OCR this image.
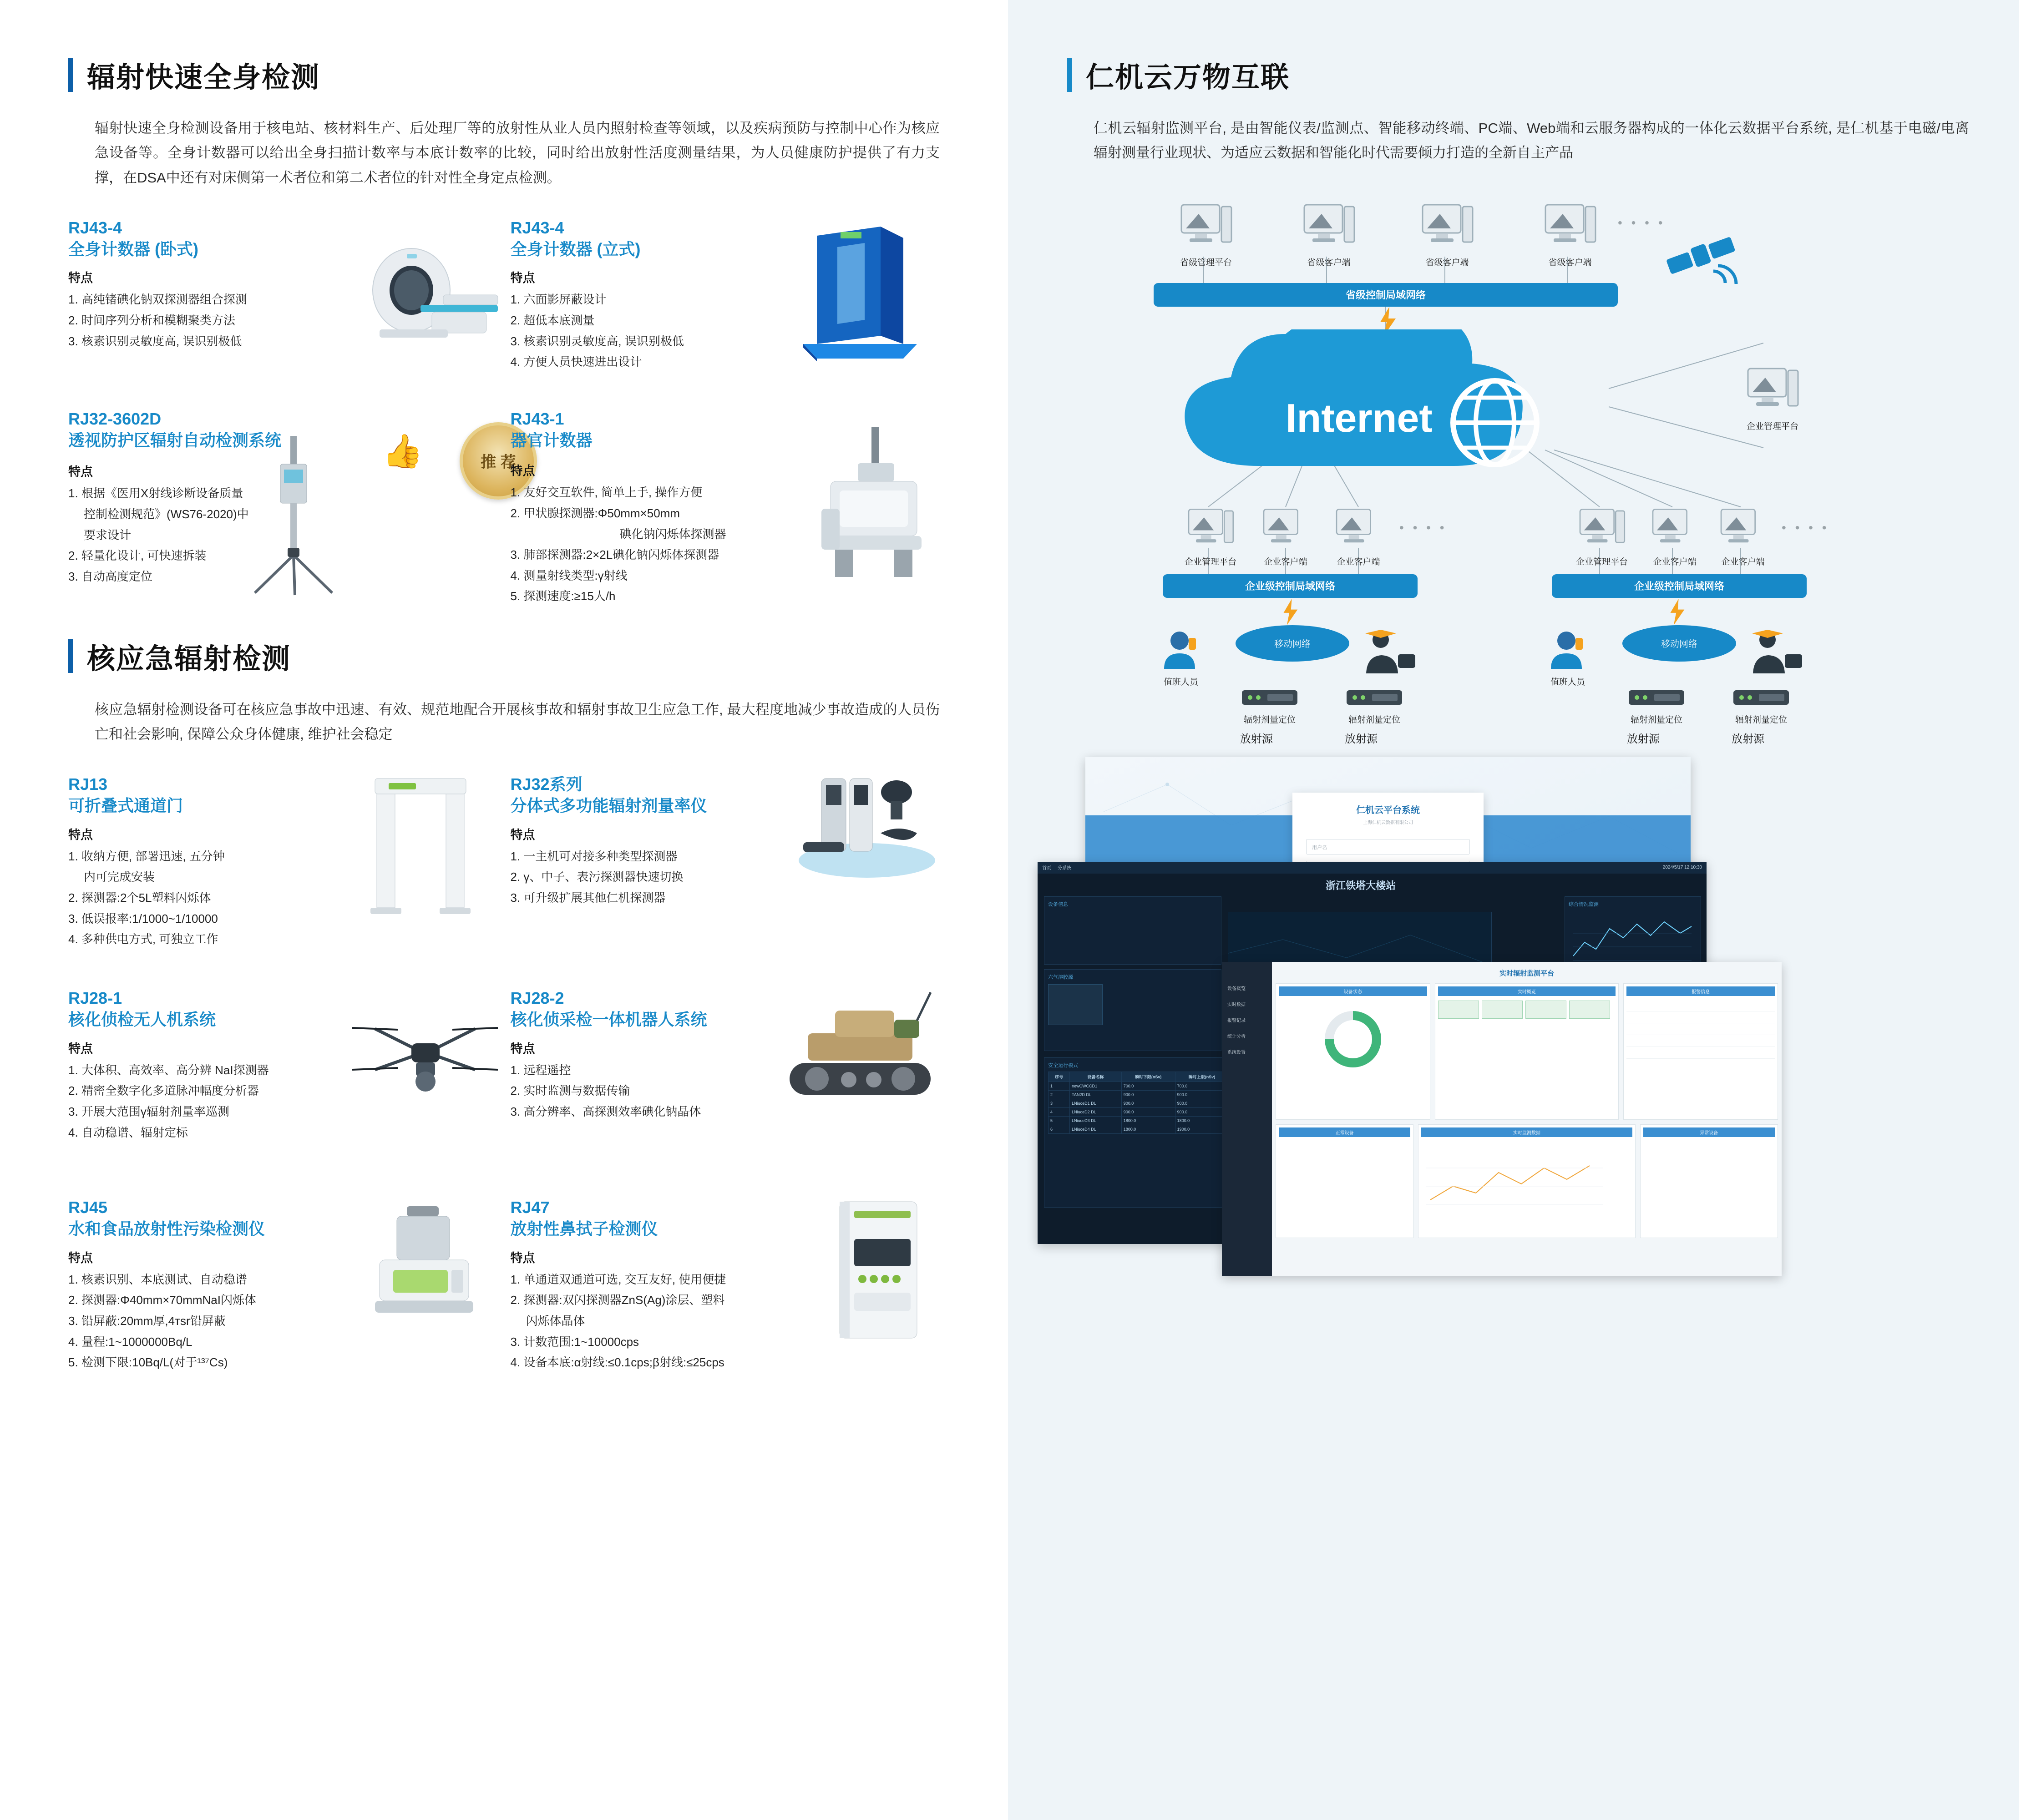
辐射快速全身检测

辐射快速全身检测设备用于核电站、核材料生产、后处理厂等的放射性从业人员内照射检查等领域，以及疾病预防与控制中心作为核应急设备等。全身计数器可以给出全身扫描计数率与本底计数率的比较，同时给出放射性活度测量结果，为人员健康防护提供了有力支撑，在DSA中还有对床侧第一术者位和第二术者位的针对性全身定点检测。

RJ43-4
全身计数器 (卧式)
特点
1. 高纯锗碘化钠双探测器组合探测
2. 时间序列分析和模糊聚类方法
3. 核素识别灵敏度高, 误识别极低
RJ43-4
全身计数器 (立式)
特点
1. 六面影屏蔽设计
2. 超低本底测量
3. 核素识别灵敏度高, 误识别极低
4. 方便人员快速进出设计
RJ32-3602D
透视防护区辐射自动检测系统	👍	推 荐
特点
1. 根据《医用X射线诊断设备质量
控制检测规范》(WS76-2020)中
要求设计
2. 轻量化设计, 可快速拆装
3. 自动高度定位
RJ43-1
器官计数器
特点
1. 友好交互软件, 简单上手, 操作方便
2. 甲状腺探测器:Φ50mm×50mm
碘化钠闪烁体探测器
3. 肺部探测器:2×2L碘化钠闪烁体探测器
4. 测量射线类型:γ射线
5. 探测速度:≥15人/h
核应急辐射检测

核应急辐射检测设备可在核应急事故中迅速、有效、规范地配合开展核事故和辐射事故卫生应急工作, 最大程度地减少事故造成的人员伤亡和社会影响, 保障公众身体健康, 维护社会稳定

RJ13
可折叠式通道门
特点
1. 收纳方便, 部署迅速, 五分钟
内可完成安装
2. 探测器:2个5L塑料闪烁体
3. 低误报率:1/1000~1/10000
4. 多种供电方式, 可独立工作
RJ32系列
分体式多功能辐射剂量率仪
特点
1. 一主机可对接多种类型探测器
2. γ、中子、表污探测器快速切换
3. 可升级扩展其他仁机探测器
RJ28-1
核化侦检无人机系统
特点
1. 大体积、高效率、高分辨 NaI探测器
2. 精密全数字化多道脉冲幅度分析器
3. 开展大范围γ辐射剂量率巡测
4. 自动稳谱、辐射定标
RJ28-2
核化侦采检一体机器人系统
特点
1. 远程遥控
2. 实时监测与数据传输
3. 高分辨率、高探测效率碘化钠晶体
RJ45
水和食品放射性污染检测仪
特点
1. 核素识别、本底测试、自动稳谱
2. 探测器:Φ40mm×70mmNaI闪烁体
3. 铅屏蔽:20mm厚,4тsr铅屏蔽
4. 量程:1~1000000Bq/L
5. 检测下限:10Bq/L(对于¹³⁷Cs)
RJ47
放射性鼻拭子检测仪
特点
1. 单通道双通道可选, 交互友好, 使用便捷
2. 探测器:双闪探测器ZnS(Ag)涂层、塑料
闪烁体晶体
3. 计数范围:1~10000cps
4. 设备本底:α射线:≤0.1cps;β射线:≤25cps
仁机云万物互联

仁机云辐射监测平台, 是由智能仪表/监测点、智能移动终端、PC端、Web端和云服务器构成的一体化云数据平台系统, 是仁机基于电磁/电离辐射测量行业现状、为适应云数据和智能化时代需要倾力打造的全新自主产品

省级管理平台	省级客户端	省级客户端	省级客户端
• • • •
省级控制局域网络
Internet	企业管理平台
企业管理平台	企业客户端	企业客户端
• • • •
企业管理平台	企业客户端	企业客户端
• • • •
企业级控制局域网络	企业级控制局域网络
移动网络	移动网络
值班人员	值班人员
辐射剂量定位	辐射剂量定位	辐射剂量定位	辐射剂量定位
放射源	放射源	放射源	放射源
仁机云平台系统
上海仁机云数据有限公司
用户名
首页 分系统	2024/5/17 12:10:30
浙江铁塔大楼站
设备信息
六气溶胶源
综合情况监测
安全运行模式
序号	设备名称	瞬时下限(nSv)	瞬时上限(nSv)					
1	newCWCCD1	700.0	700.0					
2	TAN2D DL	900.0	900.0					
3	LNiuceD1 DL	900.0	900.0					
4	LNiuceD2 DL	900.0	900.0					
5	LNiuceD3 DL	1800.0	1800.0					
6	LNiuceD4 DL	1800.0	1900.0					
设备概览
实时数据
报警记录
统计分析
系统设置
实时辐射监测平台
设备状态	实时概览	报警信息
正常设备	实时监测数据	异常设备
